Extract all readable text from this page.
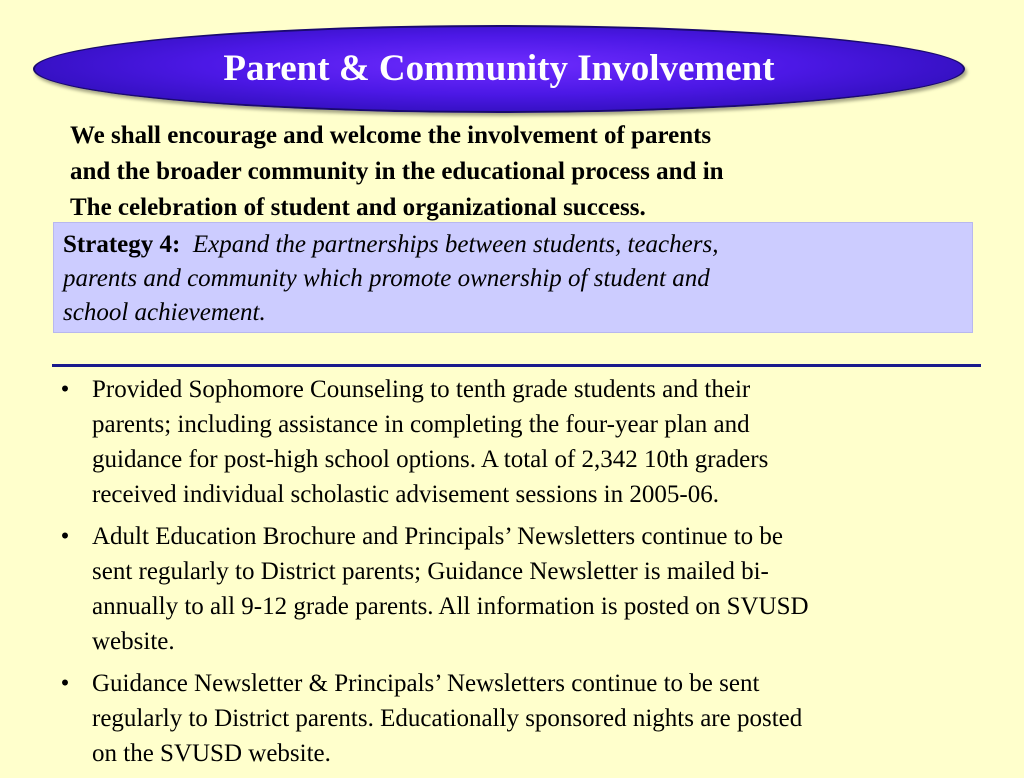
Parent & Community Involvement
We shall encourage and welcome the involvement of parents
and the broader community in the educational process and in
The celebration of student and organizational success.
Strategy 4: Expand the partnerships between students, teachers,
parents and community which promote ownership of student and
school achievement.
• Provided Sophomore Counseling to tenth grade students and their
parents; including assistance in completing the four-year plan and
guidance for post-high school options. A total of 2,342 10th graders
received individual scholastic advisement sessions in 2005-06.
• Adult Education Brochure and Principals’ Newsletters continue to be
sent regularly to District parents; Guidance Newsletter is mailed bi-
annually to all 9-12 grade parents. All information is posted on SVUSD
website.
• Guidance Newsletter & Principals’ Newsletters continue to be sent
regularly to District parents. Educationally sponsored nights are posted
on the SVUSD website.
